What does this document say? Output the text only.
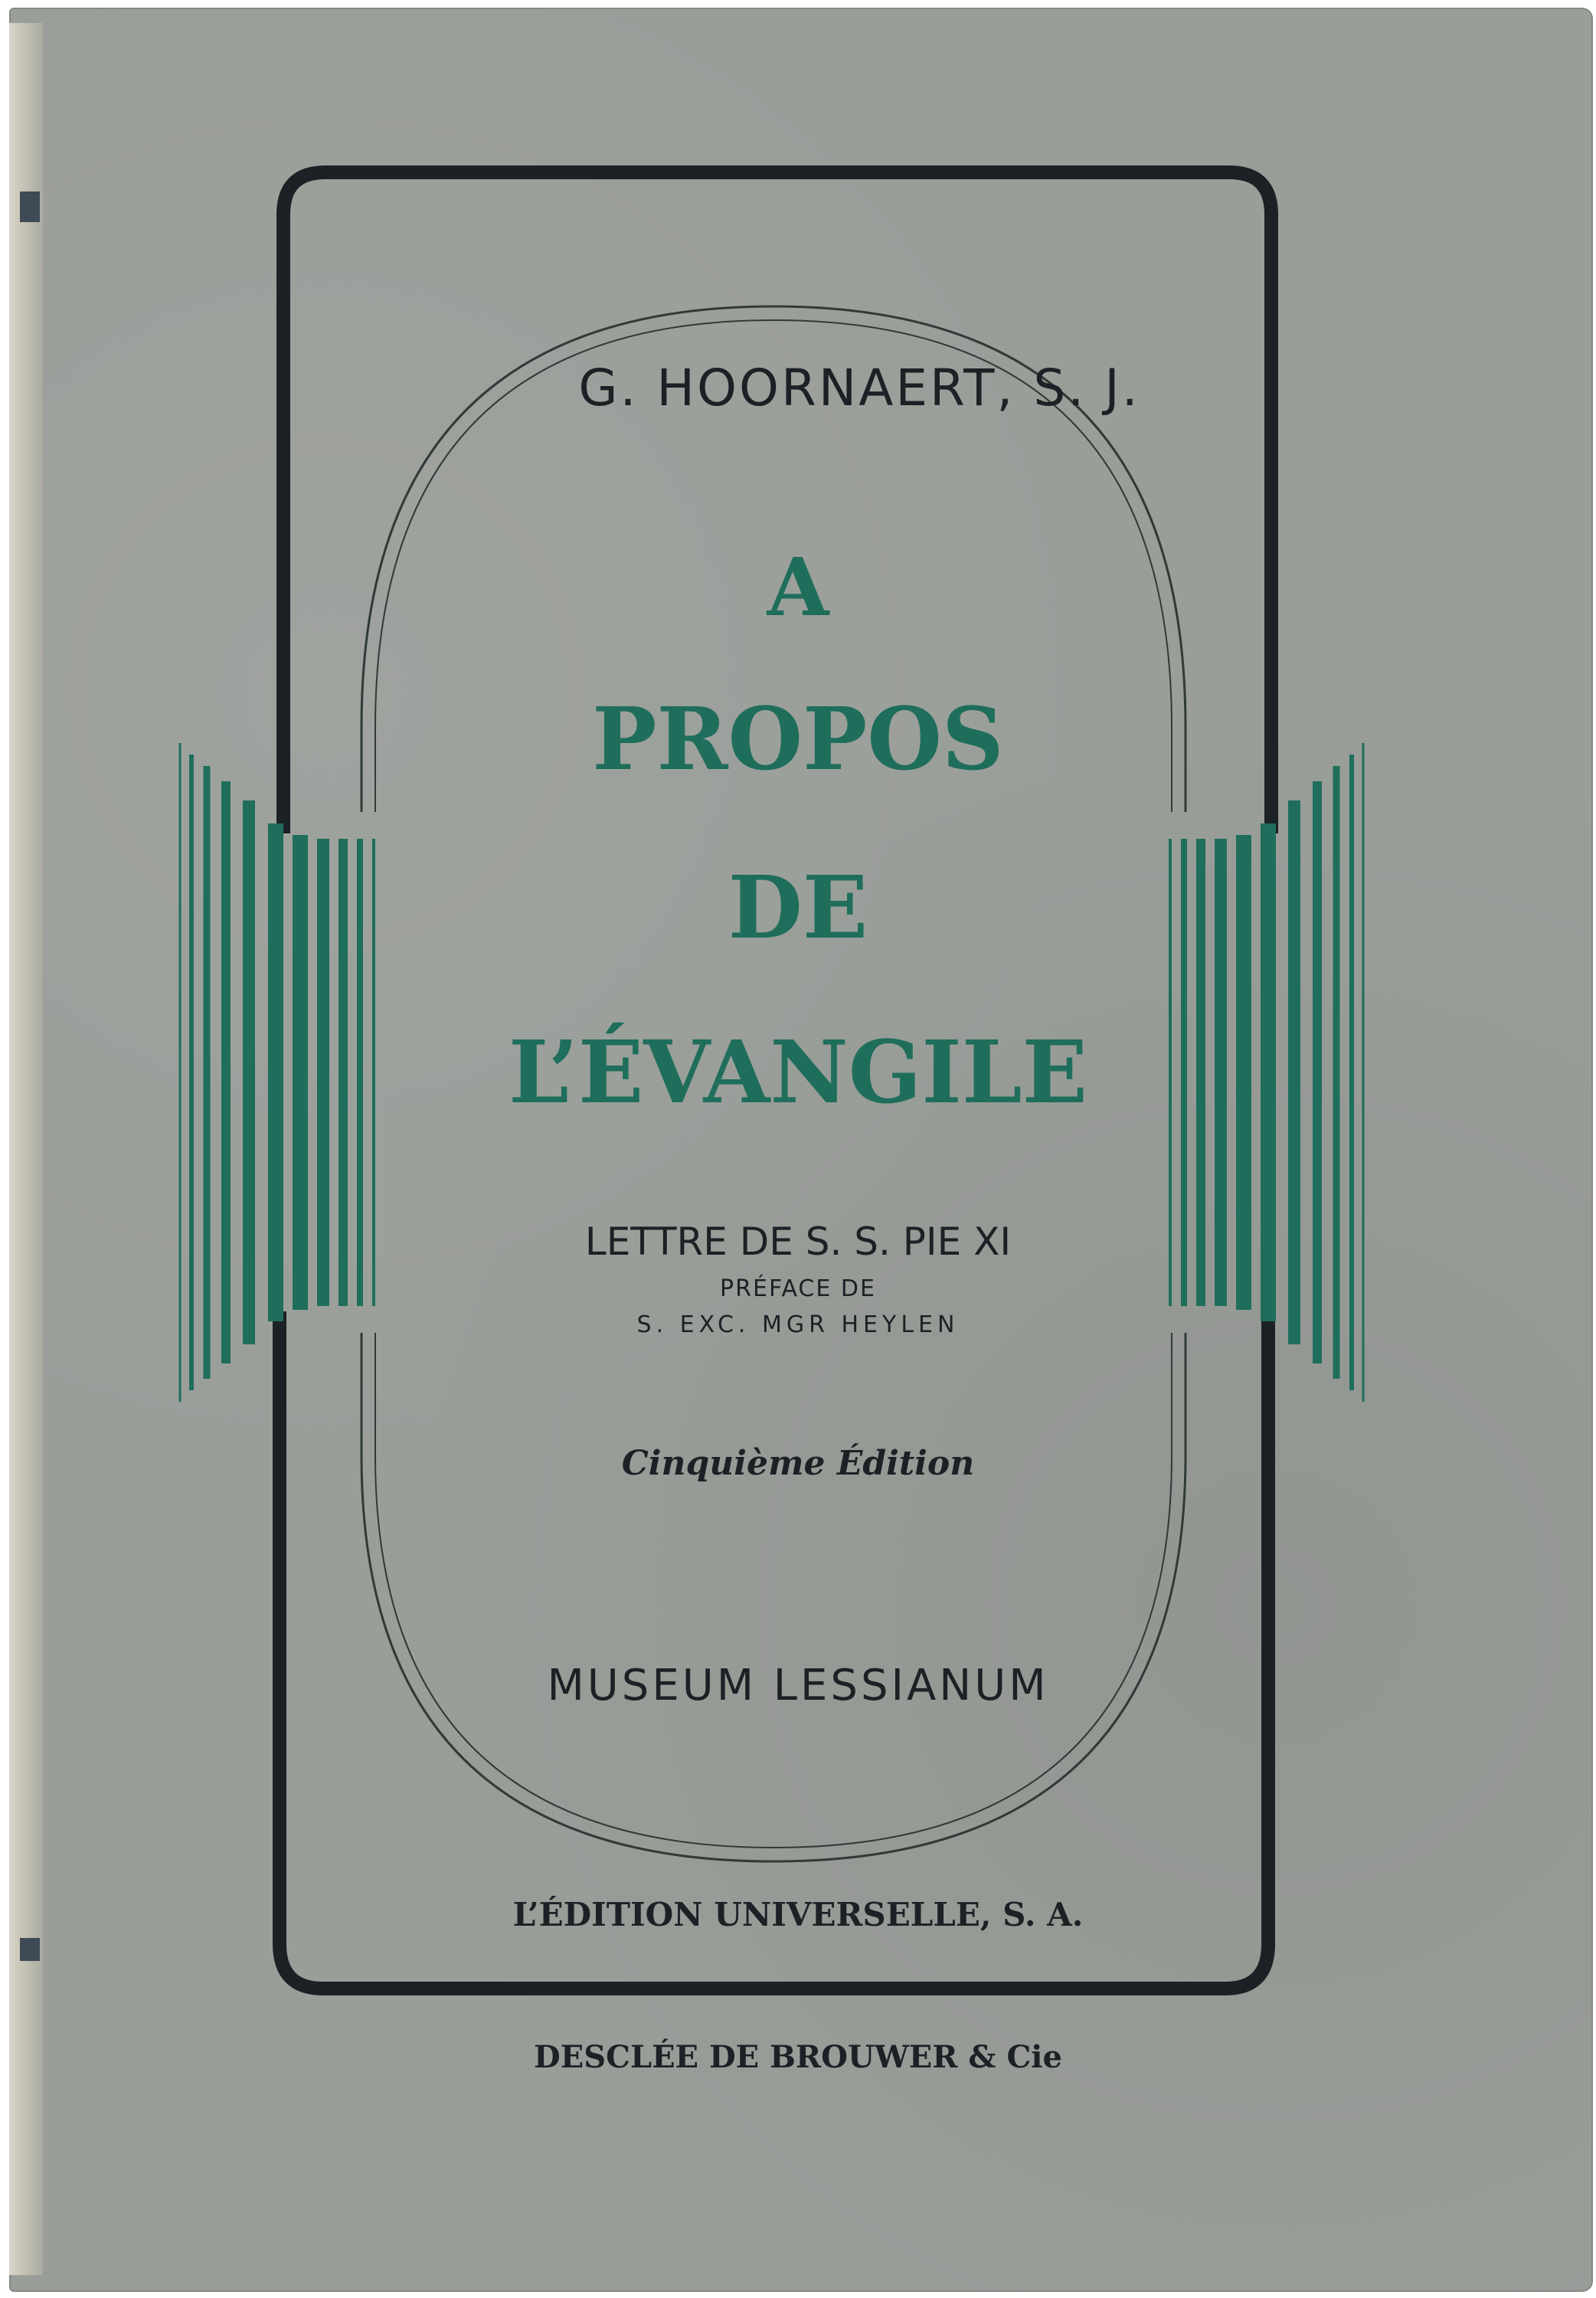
G. HOORNAERT, S. J.
A
PROPOS
DE
L’ÉVANGILE
LETTRE DE S. S. PIE XI
PRÉFACE DE
S. EXC. MGR HEYLEN
Cinquième Édition
MUSEUM LESSIANUM
L’ÉDITION UNIVERSELLE, S. A.
DESCLÉE DE BROUWER & Cie
